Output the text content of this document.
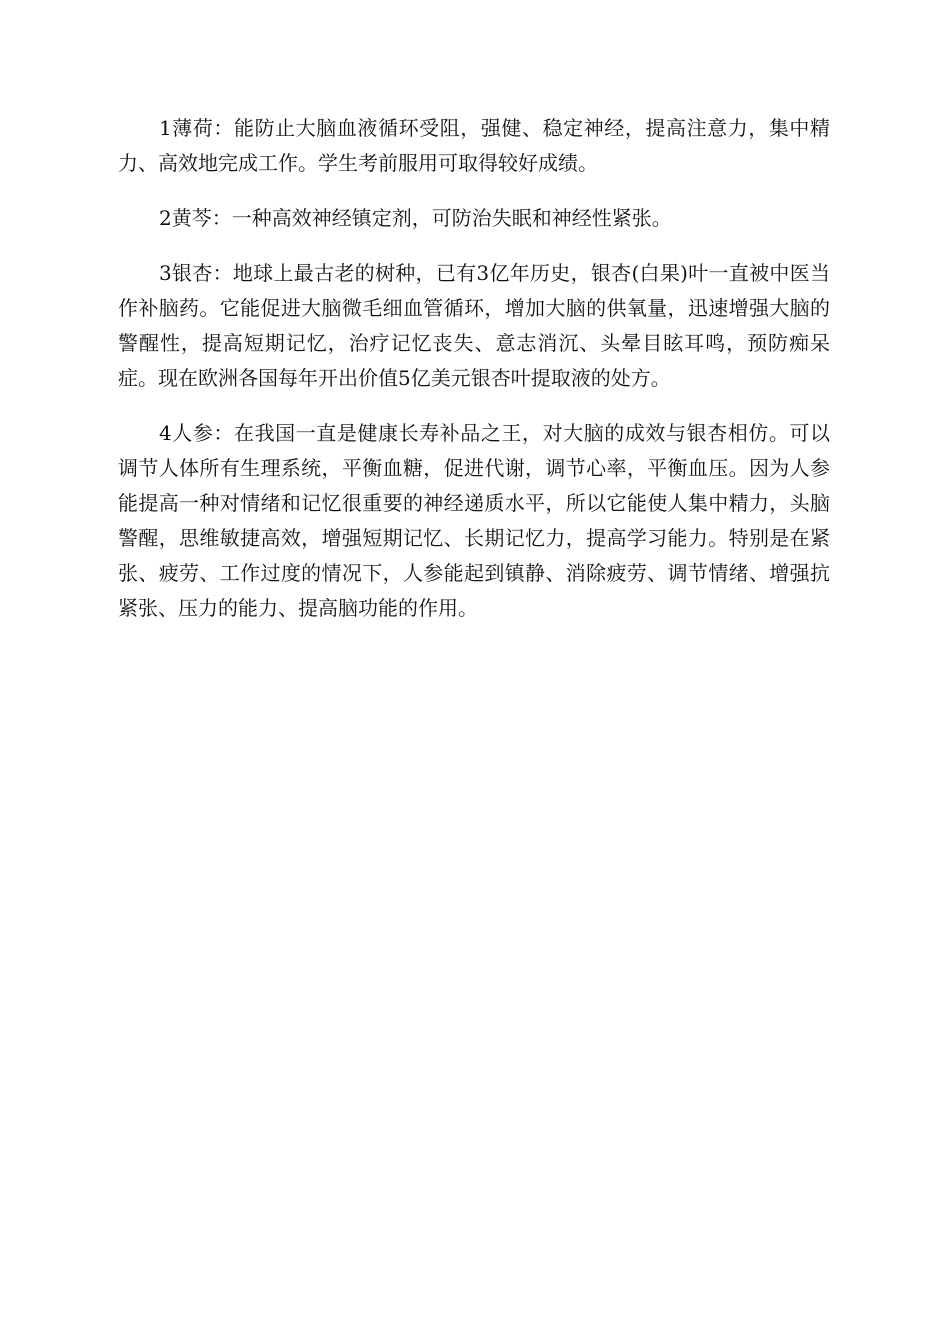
1薄荷：能防止大脑血液循环受阻，强健、稳定神经，提高注意力，集中精力、高效地完成工作。学生考前服用可取得较好成绩。

2黄芩：一种高效神经镇定剂，可防治失眠和神经性紧张。

3银杏：地球上最古老的树种，已有3亿年历史，银杏(白果)叶一直被中医当作补脑药。它能促进大脑微毛细血管循环，增加大脑的供氧量，迅速增强大脑的警醒性，提高短期记忆，治疗记忆丧失、意志消沉、头晕目眩耳鸣，预防痴呆症。现在欧洲各国每年开出价值5亿美元银杏叶提取液的处方。

4人参：在我国一直是健康长寿补品之王，对大脑的成效与银杏相仿。可以调节人体所有生理系统，平衡血糖，促进代谢，调节心率，平衡血压。因为人参能提高一种对情绪和记忆很重要的神经递质水平，所以它能使人集中精力，头脑警醒，思维敏捷高效，增强短期记忆、长期记忆力，提高学习能力。特别是在紧张、疲劳、工作过度的情况下，人参能起到镇静、消除疲劳、调节情绪、增强抗紧张、压力的能力、提高脑功能的作用。
